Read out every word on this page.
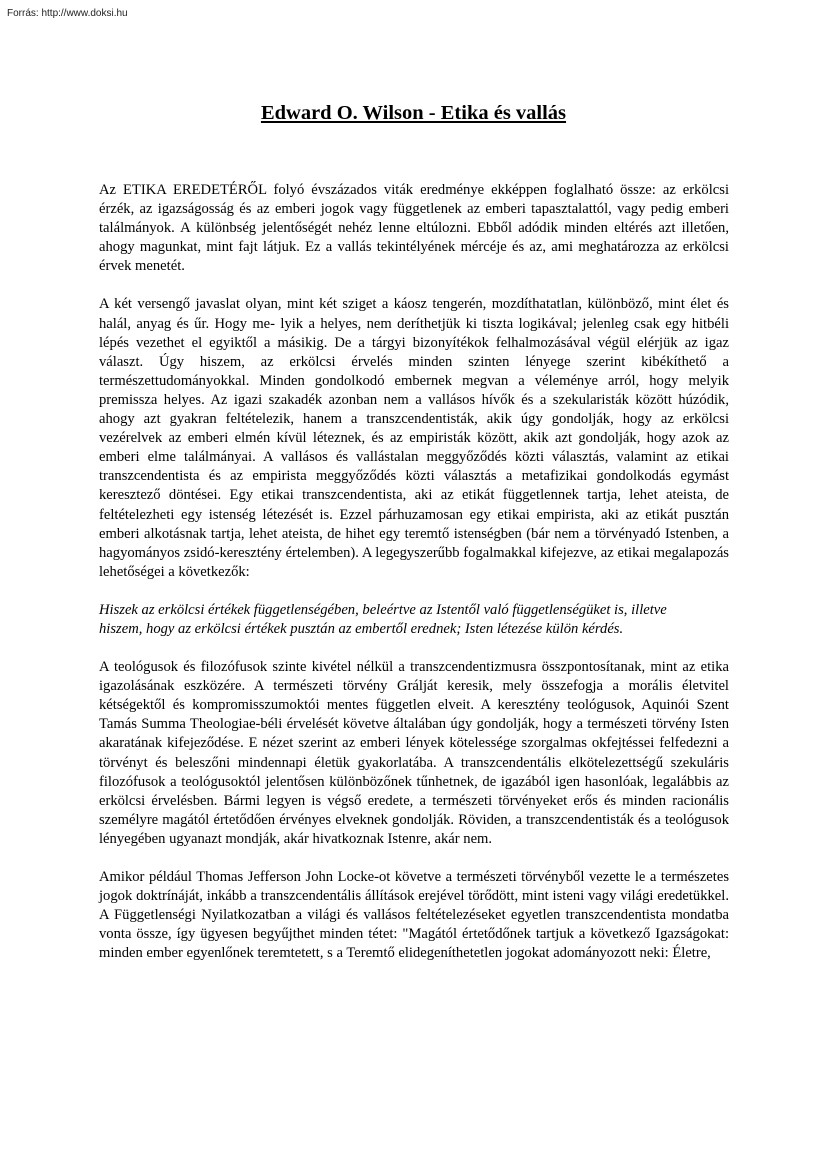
Forrás: http://www.doksi.hu
Edward O. Wilson - Etika és vallás

Az ETIKA EREDETÉRŐL folyó évszázados viták eredménye ekképpen foglalható össze: az erkölcsi érzék, az igazságosság és az emberi jogok vagy függetlenek az emberi tapasztalattól, vagy pedig emberi találmányok. A különbség jelentőségét nehéz lenne eltúlozni. Ebből adódik minden eltérés azt illetően, ahogy magunkat, mint fajt látjuk. Ez a vallás tekintélyének mércéje és az, ami meghatározza az erkölcsi érvek menetét.

A két versengő javaslat olyan, mint két sziget a káosz tengerén, mozdíthatatlan, különböző, mint élet és halál, anyag és űr. Hogy me- lyik a helyes, nem deríthetjük ki tiszta logikával; jelenleg csak egy hitbéli lépés vezethet el egyiktől a másikig. De a tárgyi bizonyítékok felhalmozásával végül elérjük az igaz választ. Úgy hiszem, az erkölcsi érvelés minden szinten lényege szerint kibékíthető a természettudományokkal. Minden gondolkodó embernek megvan a véleménye arról, hogy melyik premissza helyes. Az igazi szakadék azonban nem a vallásos hívők és a szekularisták között húzódik, ahogy azt gyakran feltételezik, hanem a transzcendentisták, akik úgy gondolják, hogy az erkölcsi vezérelvek az emberi elmén kívül léteznek, és az empiristák között, akik azt gondolják, hogy azok az emberi elme találmányai. A vallásos és vallástalan meggyőződés közti választás, valamint az etikai transzcendentista és az empirista meggyőződés közti választás a metafizikai gondolkodás egymást keresztező döntései. Egy etikai transzcendentista, aki az etikát függetlennek tartja, lehet ateista, de feltételezheti egy istenség létezését is. Ezzel párhuzamosan egy etikai empirista, aki az etikát pusztán emberi alkotásnak tartja, lehet ateista, de hihet egy teremtő istenségben (bár nem a törvényadó Istenben, a hagyományos zsidó-keresztény értelemben). A legegyszerűbb fogalmakkal kifejezve, az etikai megalapozás lehetőségei a következők:

Hiszek az erkölcsi értékek függetlenségében, beleértve az Istentől való függetlenségüket is, illetve
hiszem, hogy az erkölcsi értékek pusztán az embertől erednek; Isten létezése külön kérdés.

A teológusok és filozófusok szinte kivétel nélkül a transzcendentizmusra összpontosítanak, mint az etika igazolásának eszközére. A természeti törvény Grálját keresik, mely összefogja a morális életvitel kétségektől és kompromisszumoktói mentes független elveit. A keresztény teológusok, Aquinói Szent Tamás Summa Theologiae-béli érvelését követve általában úgy gondolják, hogy a természeti törvény Isten akaratának kifejeződése. E nézet szerint az emberi lények kötelessége szorgalmas okfejtéssei felfedezni a törvényt és beleszőni mindennapi életük gyakorlatába. A transzcendentális elkötelezettségű szekuláris filozófusok a teológusoktól jelentősen különbözőnek tűnhetnek, de igazából igen hasonlóak, legalábbis az erkölcsi érvelésben. Bármi legyen is végső eredete, a természeti törvényeket erős és minden racionális személyre magától értetődően érvényes elveknek gondolják. Röviden, a transzcendentisták és a teológusok lényegében ugyanazt mondják, akár hivatkoznak Istenre, akár nem.

Amikor például Thomas Jefferson John Locke-ot követve a természeti törvényből vezette le a természetes jogok doktrínáját, inkább a transzcendentális állítások erejével törődött, mint isteni vagy világi eredetükkel. A Függetlenségi Nyilatkozatban a világi és vallásos feltételezéseket egyetlen transzcendentista mondatba vonta össze, így ügyesen begyűjthet minden tétet: "Magától értetődőnek tartjuk a következő Igazságokat: minden ember egyenlőnek teremtetett, s a Teremtő elidegeníthetetlen jogokat adományozott neki: Életre,
